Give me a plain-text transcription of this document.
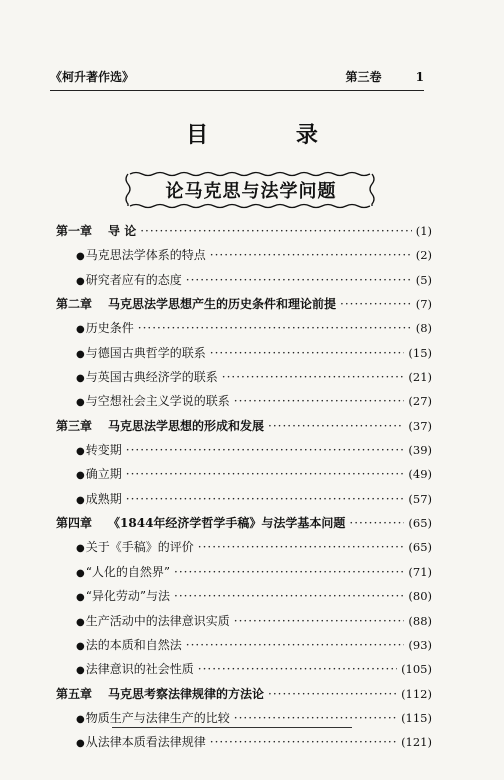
《柯升著作选》	第三卷	1
目 录
论马克思与法学问题
第一章 导 论 ·····	(1)
● 马克思法学体系的特点 ·····	(2)
● 研究者应有的态度 ·····	(5)
第二章 马克思法学思想产生的历史条件和理论前提 ·····	(7)
● 历史条件 ·····	(8)
● 与德国古典哲学的联系 ·····	(15)
● 与英国古典经济学的联系 ·····	(21)
● 与空想社会主义学说的联系 ·····	(27)
第三章 马克思法学思想的形成和发展 ·····	(37)
● 转变期 ·····	(39)
● 确立期 ·····	(49)
● 成熟期 ·····	(57)
第四章 《1844年经济学哲学手稿》与法学基本问题 ·····	(65)
● 关于《手稿》的评价 ·····	(65)
● “人化的自然界” ·····	(71)
● “异化劳动”与法 ·····	(80)
● 生产活动中的法律意识实质 ·····	(88)
● 法的本质和自然法 ·····	(93)
● 法律意识的社会性质 ·····	(105)
第五章 马克思考察法律规律的方法论 ·····	(112)
● 物质生产与法律生产的比较 ·····	(115)
● 从法律本质看法律规律 ·····	(121)
